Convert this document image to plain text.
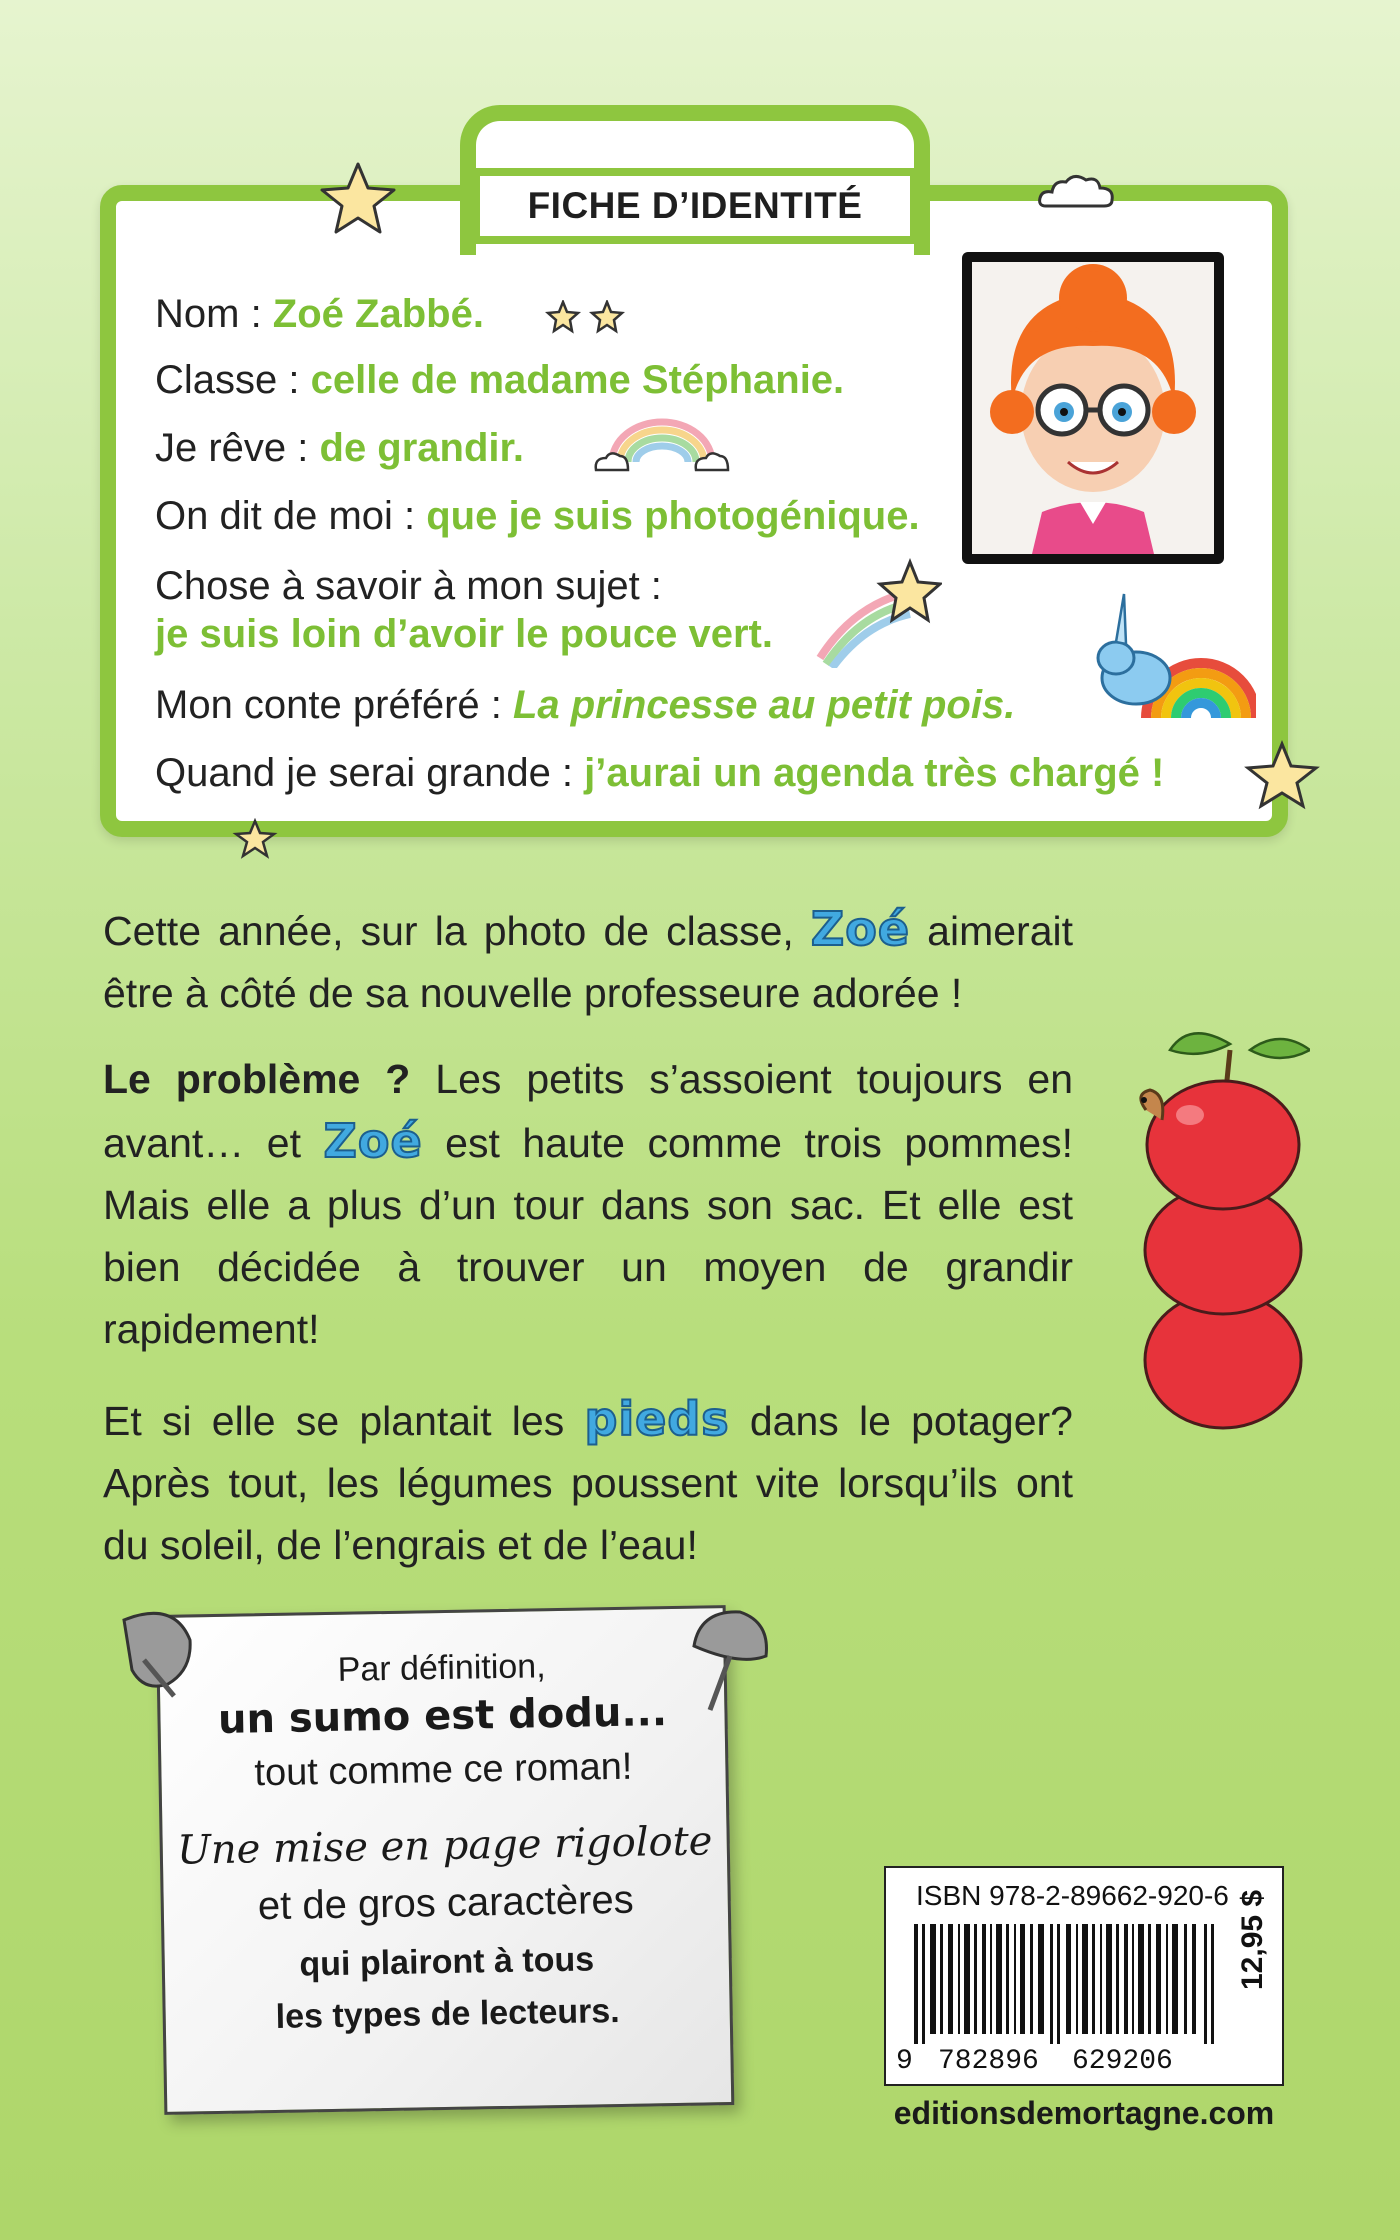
FICHE D’IDENTITÉ
Nom : Zoé Zabbé.
Classe : celle de madame Stéphanie.
Je rêve : de grandir.
On dit de moi : que je suis photogénique.
Chose à savoir à mon sujet :
je suis loin d’avoir le pouce vert.
Mon conte préféré : La princesse au petit pois.
Quand je serai grande : j’aurai un agenda très chargé !
Cette année, sur la photo de classe, Zoé aimerait être à côté de sa nouvelle professeure adorée !
Le problème ? Les petits s’assoient toujours en avant… et Zoé est haute comme trois pommes! Mais elle a plus d’un tour dans son sac. Et elle est bien décidée à trouver un moyen de grandir rapidement!
Et si elle se plantait les pieds dans le potager? Après tout, les légumes poussent vite lorsqu’ils ont du soleil, de l’engrais et de l’eau!
Par définition,
un sumo est dodu...
tout comme ce roman!
Une mise en page rigolote
et de gros caractères
qui plairont à tous
les types de lecteurs.
ISBN 978-2-89662-920-6
9 782896 629206
12,95 $
editionsdemortagne.com
